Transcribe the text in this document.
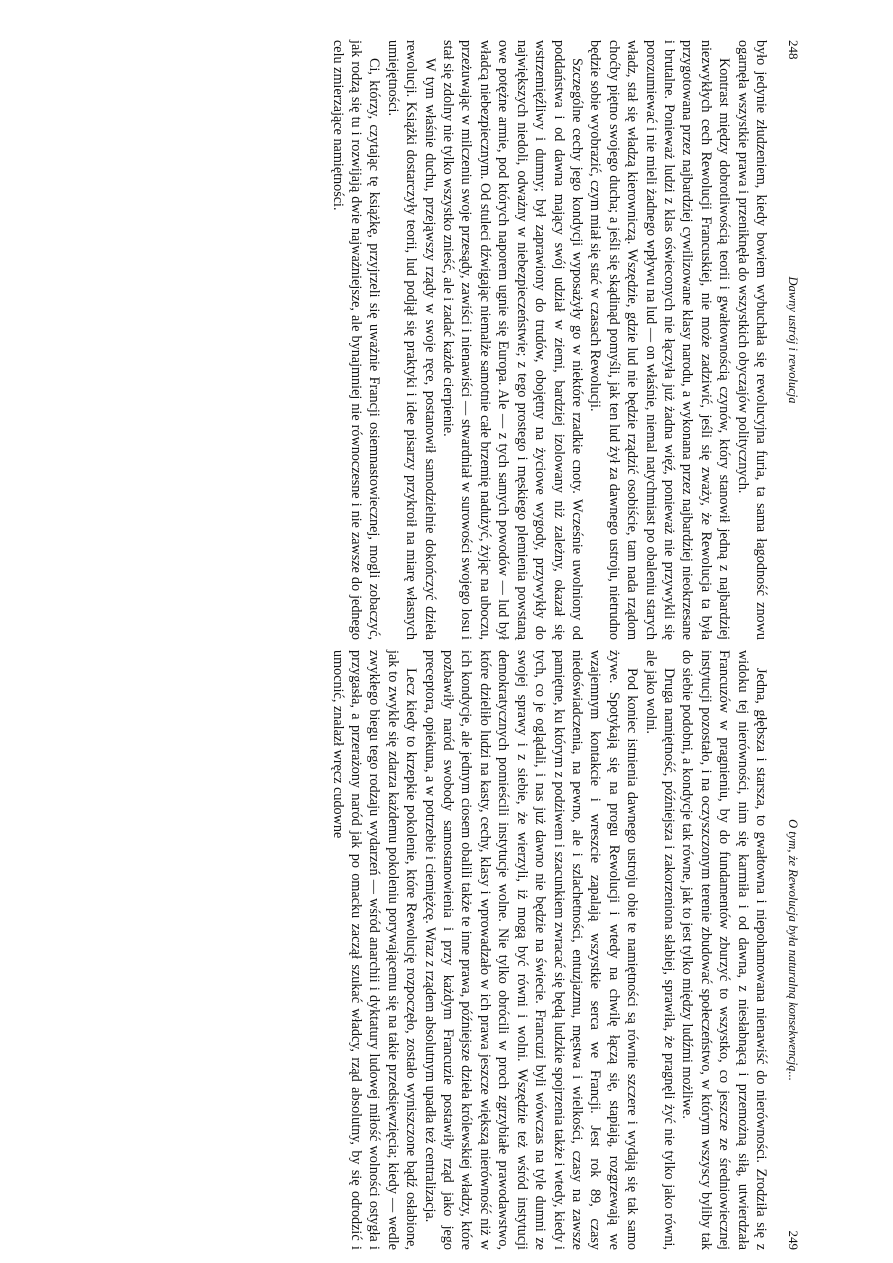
248
Dawny ustrój i rewolucja

było jedynie złudzeniem, kiedy bowiem wybuchała się rewolucyjna furia, ta sama łagodność znowu ogarnęła wszystkie prawa i przeniknęła do wszystkich obyczajów politycznych.

Kontrast między dobrotliwością teorii i gwałtownością czynów, który stanowił jedną z najbardziej niezwykłych cech Rewolucji Francuskiej, nie może zadziwić, jeśli się zważy, że Rewolucja ta była przygotowana przez najbardziej cywilizowane klasy narodu, a wykonana przez najbardziej nieokrzesane i brutalne. Ponieważ ludzi z klas oświeconych nie łączyła już żadna więź, ponieważ nie przywykli się porozumiewać i nie mieli żadnego wpływu na lud — on właśnie, niemal natychmiast po obaleniu starych władz, stał się władzą kierowniczą. Wszędzie, gdzie lud nie będzie rządzić osobiście, tam nada rządom choćby piętno swojego ducha; a jeśli się skądinąd pomyśli, jak ten lud żył za dawnego ustroju, nietrudno będzie sobie wyobrazić, czym miał się stać w czasach Rewolucji.

Szczególne cechy jego kondycji wyposażyły go w niektóre rzadkie cnoty. Wcześnie uwolniony od poddaństwa i od dawna mający swój udział w ziemi, bardziej izolowany niż zależny, okazał się wstrzemięźliwy i dumny; był zaprawiony do trudów, obojętny na życiowe wygody, przywykły do największych niedoli, odważny w niebezpieczeństwie; z tego prostego i męskiego plemienia powstaną owe potężne armie, pod których naporem ugnie się Europa. Ale — z tych samych powodów — lud był władcą niebezpiecznym. Od stuleci dźwigając niemalże samotnie całe brzemię nadużyć, żyjąc na uboczu, przeżuwając w milczeniu swoje przesądy, zawiści i nienawiści — stwardniał w surowości swojego losu i stał się zdolny nie tylko wszystko znieść, ale i zadać każde cierpienie.

W tym właśnie duchu, przejąwszy rządy w swoje ręce, postanowił samodzielnie dokończyć dzieła rewolucji. Książki dostarczyły teorii, lud podjął się praktyki i idee pisarzy przykroił na miarę własnych umiejętności.

Ci, którzy, czytając tę książkę, przyjrzeli się uważnie Francji osiemnastowiecznej, mogli zobaczyć, jak rodzą się tu i rozwijają dwie najważniejsze, ale bynajmniej nie równoczesne i nie zawsze do jednego celu zmierzające namiętności.

O tym, że Rewolucja była naturalną konsekwencją...
249

Jedna, głębsza i starsza, to gwałtowna i niepohamowana nienawiść do nierówności. Zrodziła się z widoku tej nierówności, nim się karmiła i od dawna, z niesłabnącą i przemożną siłą, utwierdzała Francuzów w pragnieniu, by do fundamentów zburzyć to wszystko, co jeszcze ze średniowiecznej instytucji pozostało, i na oczyszczonym terenie zbudować społeczeństwo, w którym wszyscy byliby tak do siebie podobni, a kondycje tak równe, jak to jest tylko między ludźmi możliwe.

Druga namiętność, późniejsza i zakorzeniona słabiej, sprawiła, że pragnęli żyć nie tylko jako równi, ale jako wolni.

Pod koniec istnienia dawnego ustroju obie te namiętności są równie szczere i wydają się tak samo żywe. Spotykają się na progu Rewolucji i wtedy na chwilę łączą się, stapiają, rozgrzewają we wzajemnym kontakcie i wreszcie zapalają wszystkie serca we Francji. Jest rok 89, czasy niedoświadczenia, na pewno, ale i szlachetności, entuzjazmu, męstwa i wielkości, czasy na zawsze pamiętne, ku którym z podziwem i szacunkiem zwracać się będą ludzkie spojrzenia także i wtedy, kiedy i tych, co je oglądali, i nas już dawno nie będzie na świecie. Francuzi byli wówczas na tyle dumni ze swojej sprawy i z siebie, że wierzyli, iż mogą być równi i wolni. Wszędzie też wśród instytucji demokratycznych pomieścili instytucje wolne. Nie tylko obrócili w proch zgrzybiałe prawodawstwo, które dzieliło ludzi na kasty, cechy, klasy i wprowadzało w ich prawa jeszcze większą nierówność niż w ich kondycje, ale jednym ciosem obalili także te inne prawa, późniejsze dzieła królewskiej władzy, które pozbawiły naród swobody samostanowienia i przy każdym Francuzie postawiły rząd jako jego preceptora, opiekuna, a w potrzebie i ciemiężcę. Wraz z rządem absolutnym upadła też centralizacja.

Lecz kiedy to krzepkie pokolenie, które Rewolucję rozpoczęło, zostało wyniszczone bądź osłabione, jak to zwykle się zdarza każdemu pokoleniu porywającemu się na takie przedsięwzięcia; kiedy — wedle zwykłego biegu tego rodzaju wydarzeń — wśród anarchii i dyktatury ludowej miłość wolności ostygła i przygasła, a przerażony naród jak po omacku zaczął szukać władcy, rząd absolutny, by się odrodzić i umocnić, znalazł wręcz cudowne
